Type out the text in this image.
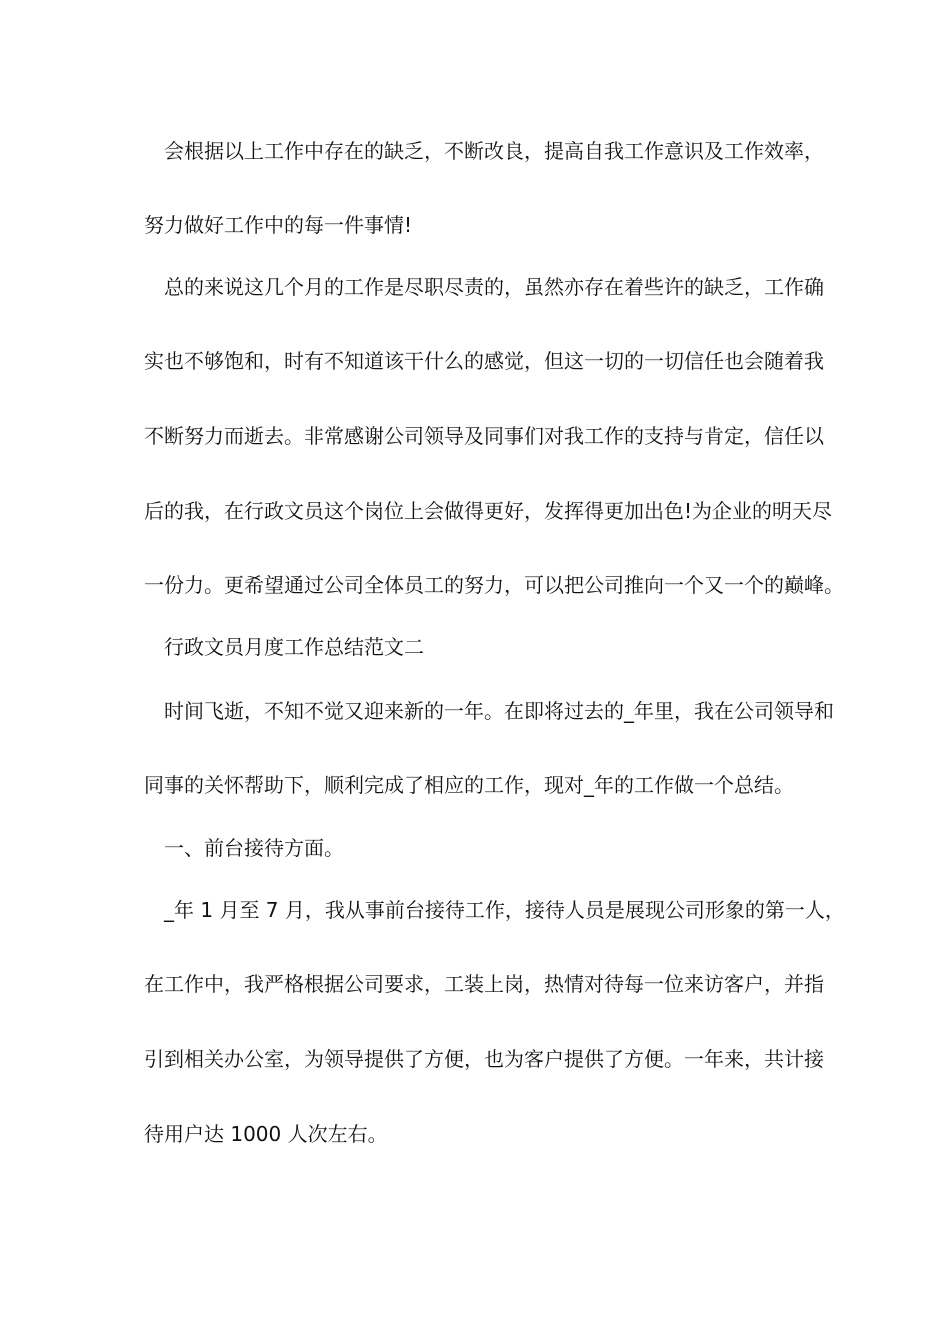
会根据以上工作中存在的缺乏，不断改良，提高自我工作意识及工作效率，
努力做好工作中的每一件事情!
总的来说这几个月的工作是尽职尽责的，虽然亦存在着些许的缺乏，工作确
实也不够饱和，时有不知道该干什么的感觉，但这一切的一切信任也会随着我
不断努力而逝去。非常感谢公司领导及同事们对我工作的支持与肯定，信任以
后的我，在行政文员这个岗位上会做得更好，发挥得更加出色!为企业的明天尽
一份力。更希望通过公司全体员工的努力，可以把公司推向一个又一个的巅峰。
行政文员月度工作总结范文二
时间飞逝，不知不觉又迎来新的一年。在即将过去的_年里，我在公司领导和
同事的关怀帮助下，顺利完成了相应的工作，现对_年的工作做一个总结。
一、前台接待方面。
_年 1 月至 7 月，我从事前台接待工作，接待人员是展现公司形象的第一人，
在工作中，我严格根据公司要求，工装上岗，热情对待每一位来访客户，并指
引到相关办公室，为领导提供了方便，也为客户提供了方便。一年来，共计接
待用户达 1000 人次左右。
